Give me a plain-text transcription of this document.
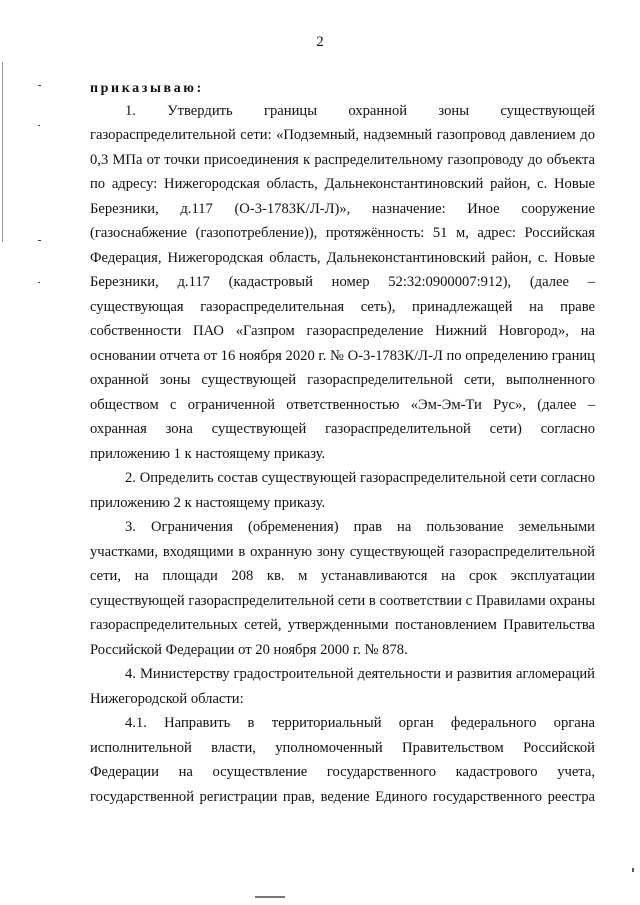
2
приказываю:
1. Утвердить границы охранной зоны существующей
газораспределительной сети: «Подземный, надземный газопровод давлением до
0,3 МПа от точки присоединения к распределительному газопроводу до объекта
по адресу: Нижегородская область, Дальнеконстантиновский район, с. Новые
Березники, д.117 (О-3-1783К/Л-Л)», назначение: Иное сооружение
(газоснабжение (газопотребление)), протяжённость: 51 м, адрес: Российская
Федерация, Нижегородская область, Дальнеконстантиновский район, с. Новые
Березники, д.117 (кадастровый номер 52:32:0900007:912), (далее –
существующая газораспределительная сеть), принадлежащей на праве
собственности ПАО «Газпром газораспределение Нижний Новгород», на
основании отчета от 16 ноября 2020 г. № О-3-1783К/Л-Л по определению границ
охранной зоны существующей газораспределительной сети, выполненного
обществом с ограниченной ответственностью «Эм-Эм-Ти Рус», (далее –
охранная зона существующей газораспределительной сети) согласно
приложению 1 к настоящему приказу.
2. Определить состав существующей газораспределительной сети согласно
приложению 2 к настоящему приказу.
3. Ограничения (обременения) прав на пользование земельными
участками, входящими в охранную зону существующей газораспределительной
сети, на площади 208 кв. м устанавливаются на срок эксплуатации
существующей газораспределительной сети в соответствии с Правилами охраны
газораспределительных сетей, утвержденными постановлением Правительства
Российской Федерации от 20 ноября 2000 г. № 878.
4. Министерству градостроительной деятельности и развития агломераций
Нижегородской области:
4.1. Направить в территориальный орган федерального органа
исполнительной власти, уполномоченный Правительством Российской
Федерации на осуществление государственного кадастрового учета,
государственной регистрации прав, ведение Единого государственного реестра
